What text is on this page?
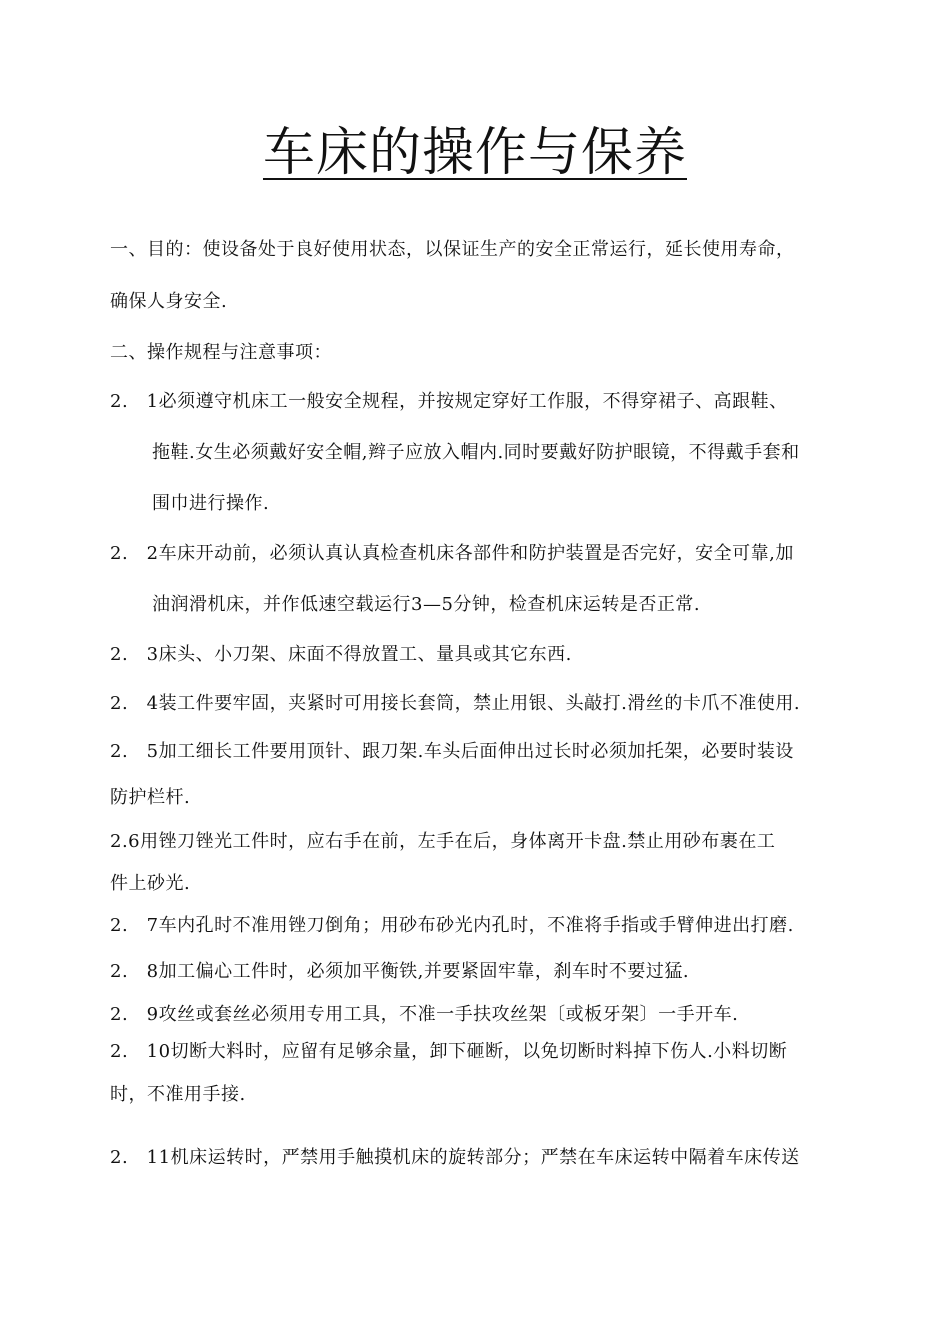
车床的操作与保养
一、目的：使设备处于良好使用状态，以保证生产的安全正常运行，延长使用寿命，
确保人身安全.
二、操作规程与注意事项：
2.　1必须遵守机床工一般安全规程，并按规定穿好工作服，不得穿裙子、高跟鞋、
拖鞋.女生必须戴好安全帽,辫子应放入帽内.同时要戴好防护眼镜，不得戴手套和
围巾进行操作.
2.　2车床开动前，必须认真认真检查机床各部件和防护装置是否完好，安全可靠,加
油润滑机床，并作低速空载运行3—5分钟，检查机床运转是否正常.
2.　3床头、小刀架、床面不得放置工、量具或其它东西.
2.　4装工件要牢固，夹紧时可用接长套筒，禁止用银、头敲打.滑丝的卡爪不准使用.
2.　5加工细长工件要用顶针、跟刀架.车头后面伸出过长时必须加托架，必要时装设
防护栏杆.
2.6用锉刀锉光工件时，应右手在前，左手在后，身体离开卡盘.禁止用砂布裹在工
件上砂光.
2.　7车内孔时不准用锉刀倒角；用砂布砂光内孔时，不准将手指或手臂伸进出打磨.
2.　8加工偏心工件时，必须加平衡铁,并要紧固牢靠，刹车时不要过猛.
2.　9攻丝或套丝必须用专用工具，不准一手扶攻丝架〔或板牙架〕一手开车.
2.　10切断大料时，应留有足够余量，卸下砸断，以免切断时料掉下伤人.小料切断
时，不准用手接.
2.　11机床运转时，严禁用手触摸机床的旋转部分；严禁在车床运转中隔着车床传送
